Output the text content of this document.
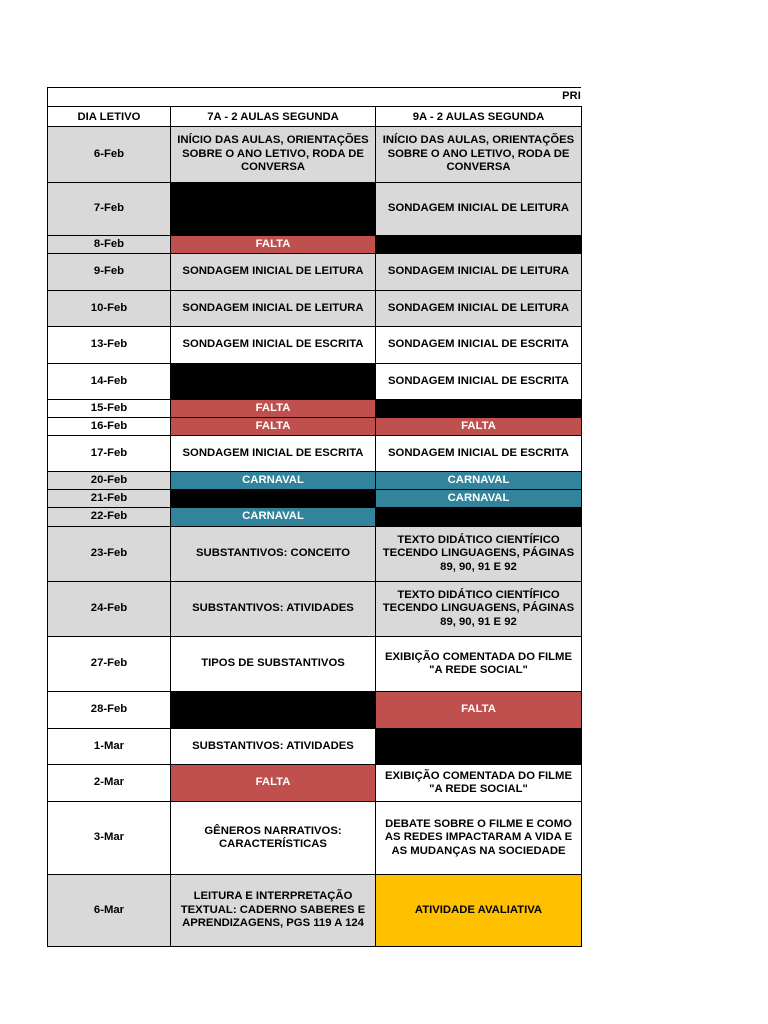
PRI
DIA LETIVO	7A - 2 AULAS SEGUNDA	9A - 2 AULAS SEGUNDA
6-Feb	INÍCIO DAS AULAS, ORIENTAÇÕES SOBRE O ANO LETIVO, RODA DE CONVERSA	INÍCIO DAS AULAS, ORIENTAÇÕES SOBRE O ANO LETIVO, RODA DE CONVERSA
7-Feb		SONDAGEM INICIAL DE LEITURA
8-Feb	FALTA	
9-Feb	SONDAGEM INICIAL DE LEITURA	SONDAGEM INICIAL DE LEITURA
10-Feb	SONDAGEM INICIAL DE LEITURA	SONDAGEM INICIAL DE LEITURA
13-Feb	SONDAGEM INICIAL DE ESCRITA	SONDAGEM INICIAL DE ESCRITA
14-Feb		SONDAGEM INICIAL DE ESCRITA
15-Feb	FALTA	
16-Feb	FALTA	FALTA
17-Feb	SONDAGEM INICIAL DE ESCRITA	SONDAGEM INICIAL DE ESCRITA
20-Feb	CARNAVAL	CARNAVAL
21-Feb		CARNAVAL
22-Feb	CARNAVAL	
23-Feb	SUBSTANTIVOS: CONCEITO	TEXTO DIDÁTICO CIENTÍFICO TECENDO LINGUAGENS, PÁGINAS 89, 90, 91 E 92
24-Feb	SUBSTANTIVOS: ATIVIDADES	TEXTO DIDÁTICO CIENTÍFICO TECENDO LINGUAGENS, PÁGINAS 89, 90, 91 E 92
27-Feb	TIPOS DE SUBSTANTIVOS	EXIBIÇÃO COMENTADA DO FILME "A REDE SOCIAL"
28-Feb		FALTA
1-Mar	SUBSTANTIVOS: ATIVIDADES	
2-Mar	FALTA	EXIBIÇÃO COMENTADA DO FILME "A REDE SOCIAL"
3-Mar	GÊNEROS NARRATIVOS: CARACTERÍSTICAS	DEBATE SOBRE O FILME E COMO AS REDES IMPACTARAM A VIDA E AS MUDANÇAS NA SOCIEDADE
6-Mar	LEITURA E INTERPRETAÇÃO TEXTUAL: CADERNO SABERES E APRENDIZAGENS, PGS 119 A 124	ATIVIDADE AVALIATIVA
